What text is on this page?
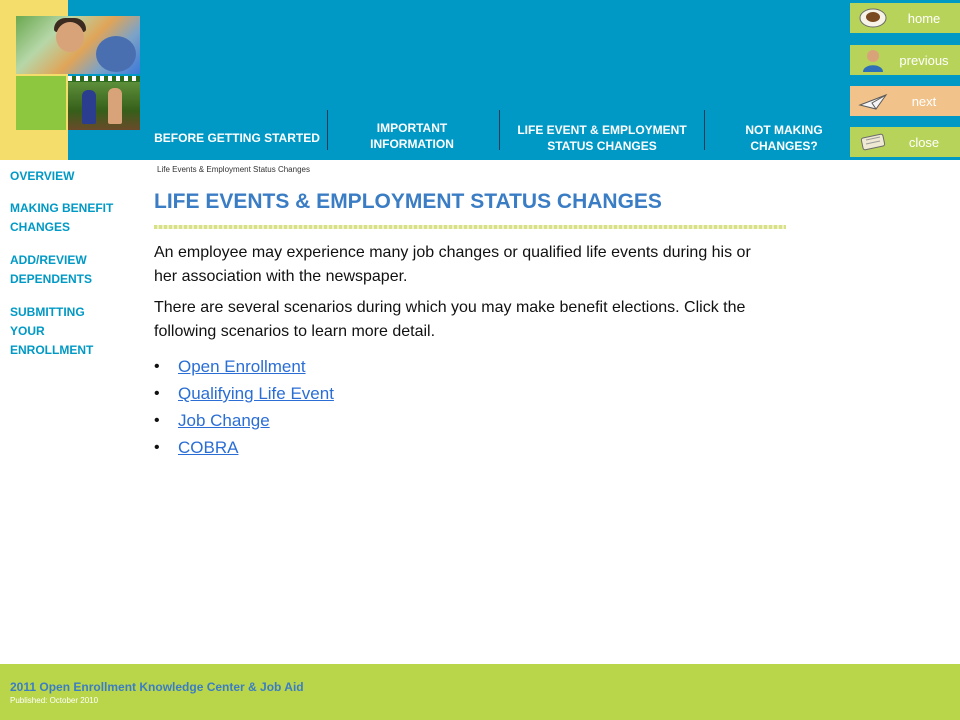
BEFORE GETTING STARTED
IMPORTANT INFORMATION
LIFE EVENT & EMPLOYMENT STATUS CHANGES
NOT MAKING CHANGES?
home
previous
next
close
OVERVIEW
MAKING BENEFIT CHANGES
ADD/REVIEW DEPENDENTS
SUBMITTING YOUR ENROLLMENT
Life Events & Employment Status Changes
LIFE EVENTS & EMPLOYMENT STATUS CHANGES
An employee may experience many job changes or qualified life events during his or her association with the newspaper.
There are several scenarios during which you may make benefit elections. Click the following scenarios to learn more detail.
• Open Enrollment
• Qualifying Life Event
• Job Change
• COBRA
2011 Open Enrollment Knowledge Center & Job Aid
Published: October 2010
